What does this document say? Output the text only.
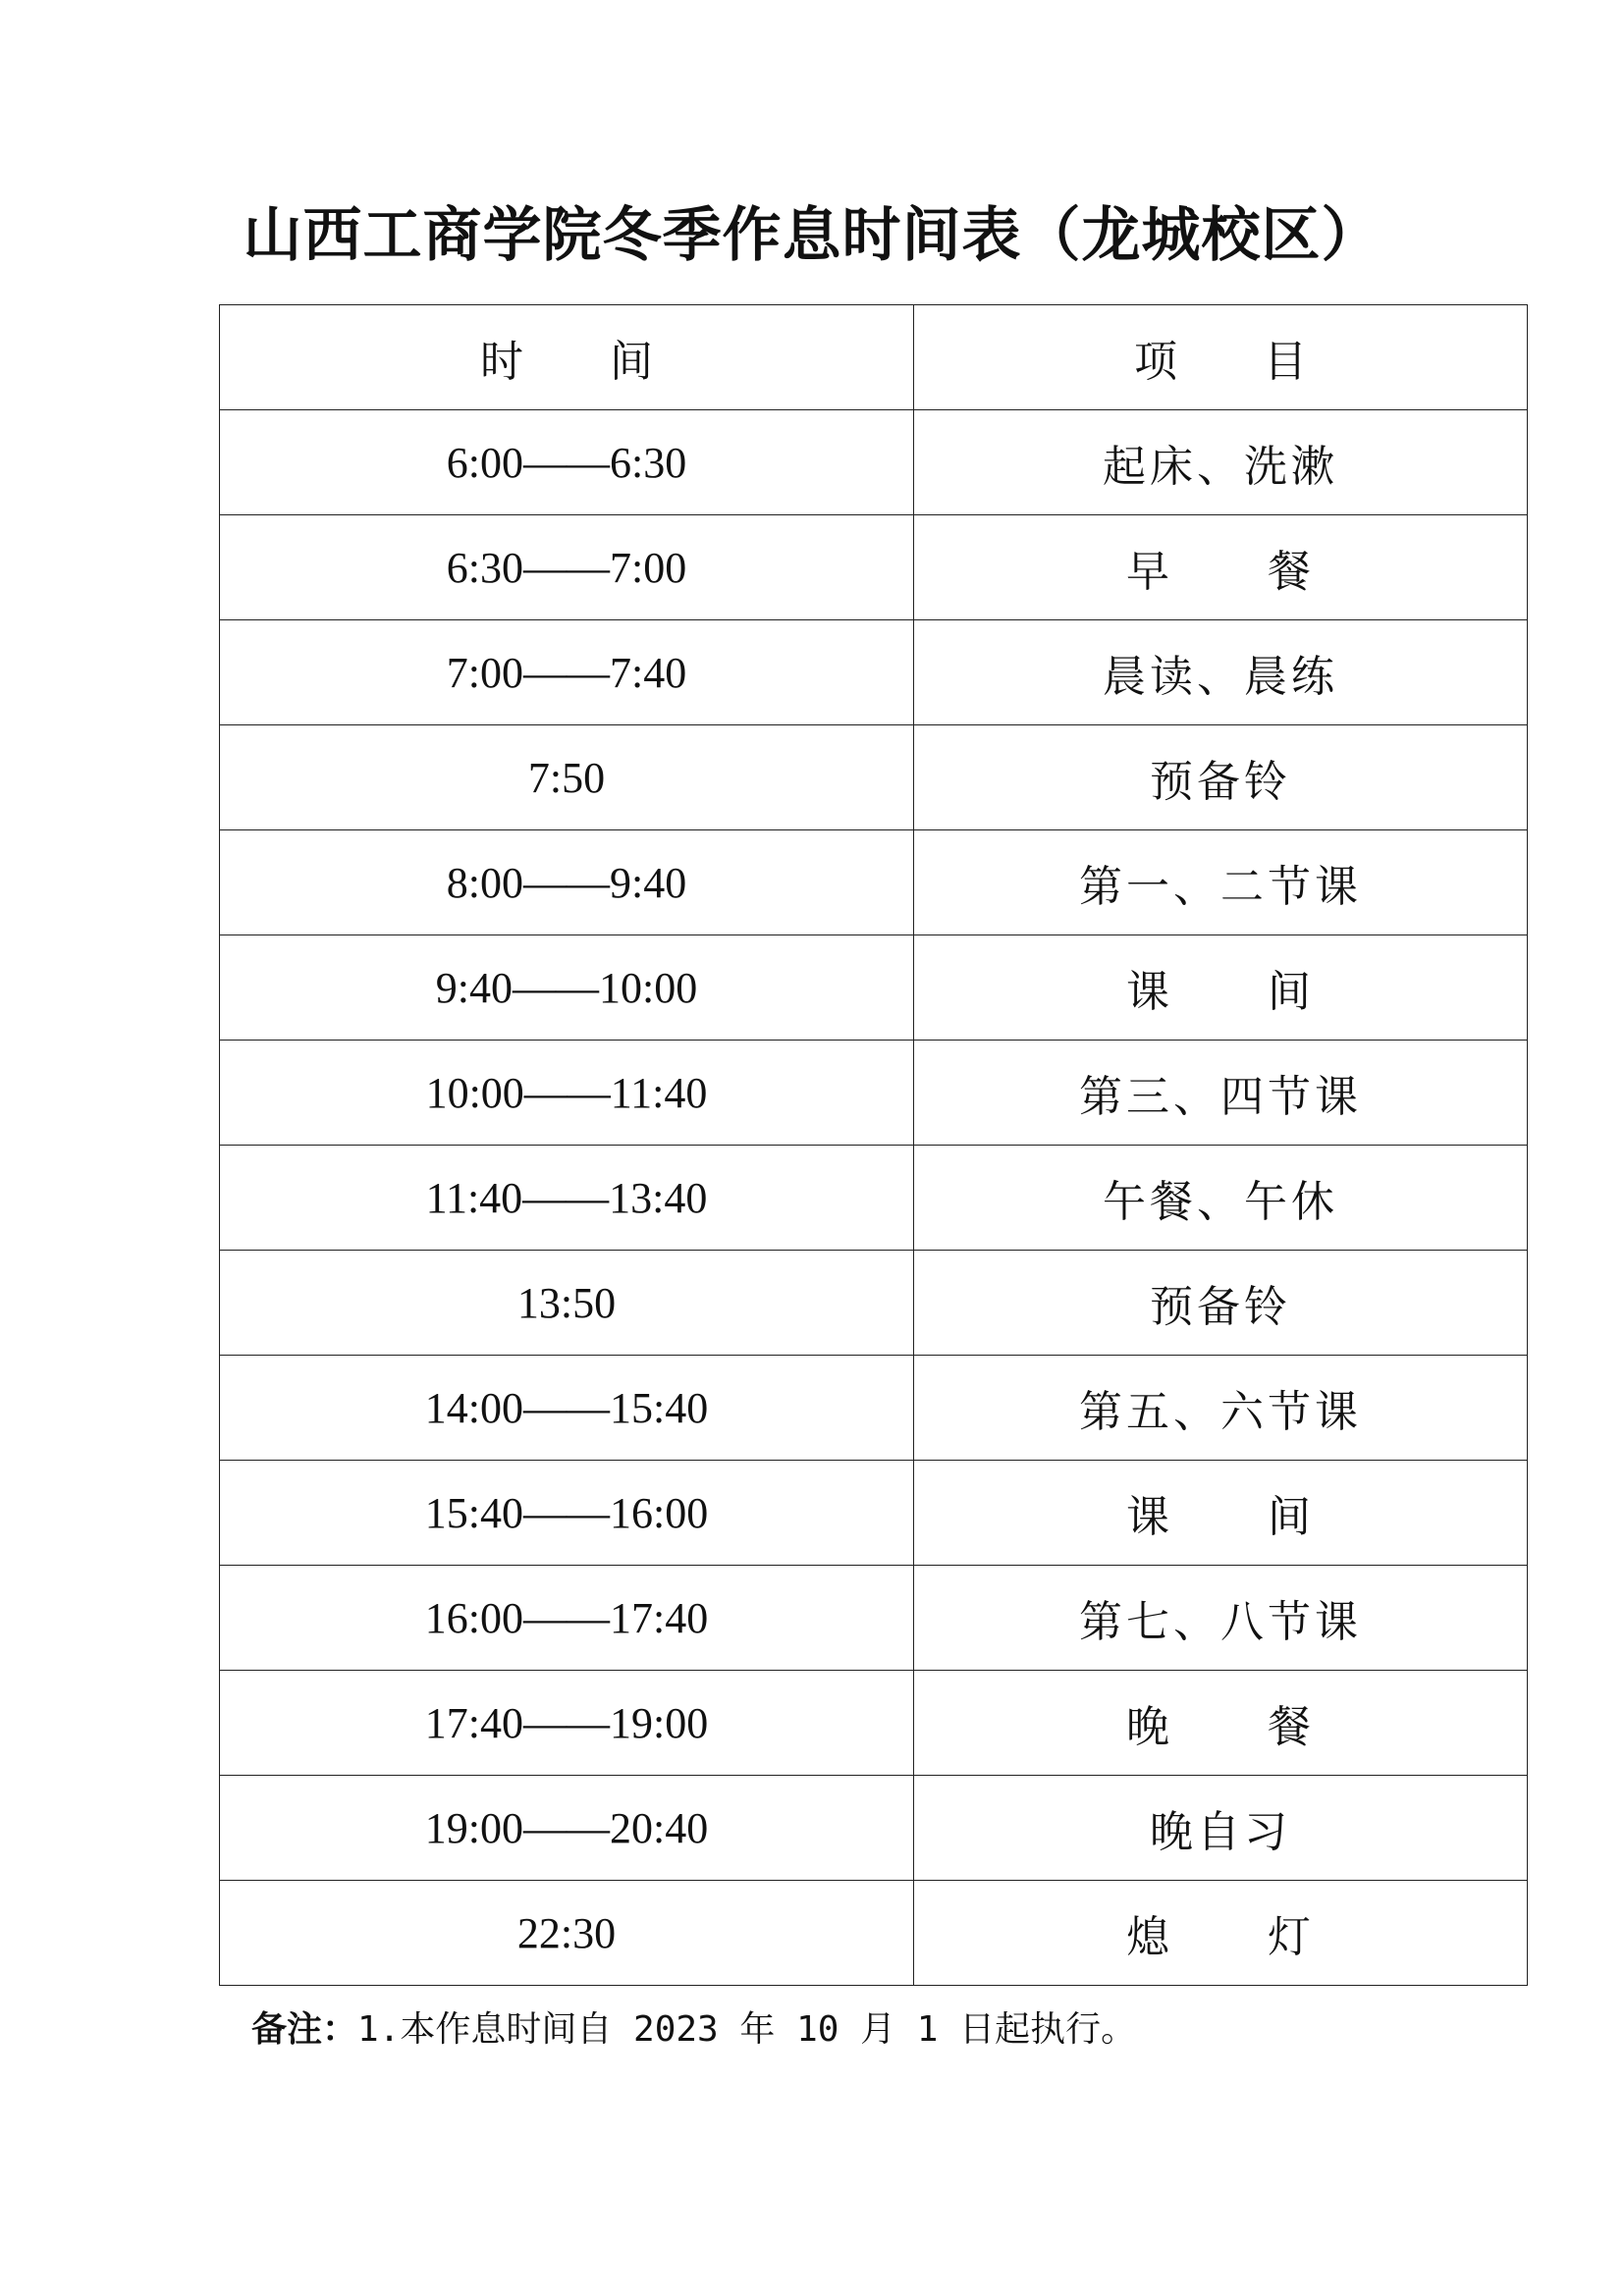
山西工商学院冬季作息时间表（龙城校区）
时　　间	项　　目
6:00——6:30	起床、洗漱
6:30——7:00	早　　餐
7:00——7:40	晨读、晨练
7:50	预备铃
8:00——9:40	第一、二节课
9:40——10:00	课　　间
10:00——11:40	第三、四节课
11:40——13:40	午餐、午休
13:50	预备铃
14:00——15:40	第五、六节课
15:40——16:00	课　　间
16:00——17:40	第七、八节课
17:40——19:00	晚　　餐
19:00——20:40	晚自习
22:30	熄　　灯
备注：1.本作息时间自 2023 年 10 月 1 日起执行。
